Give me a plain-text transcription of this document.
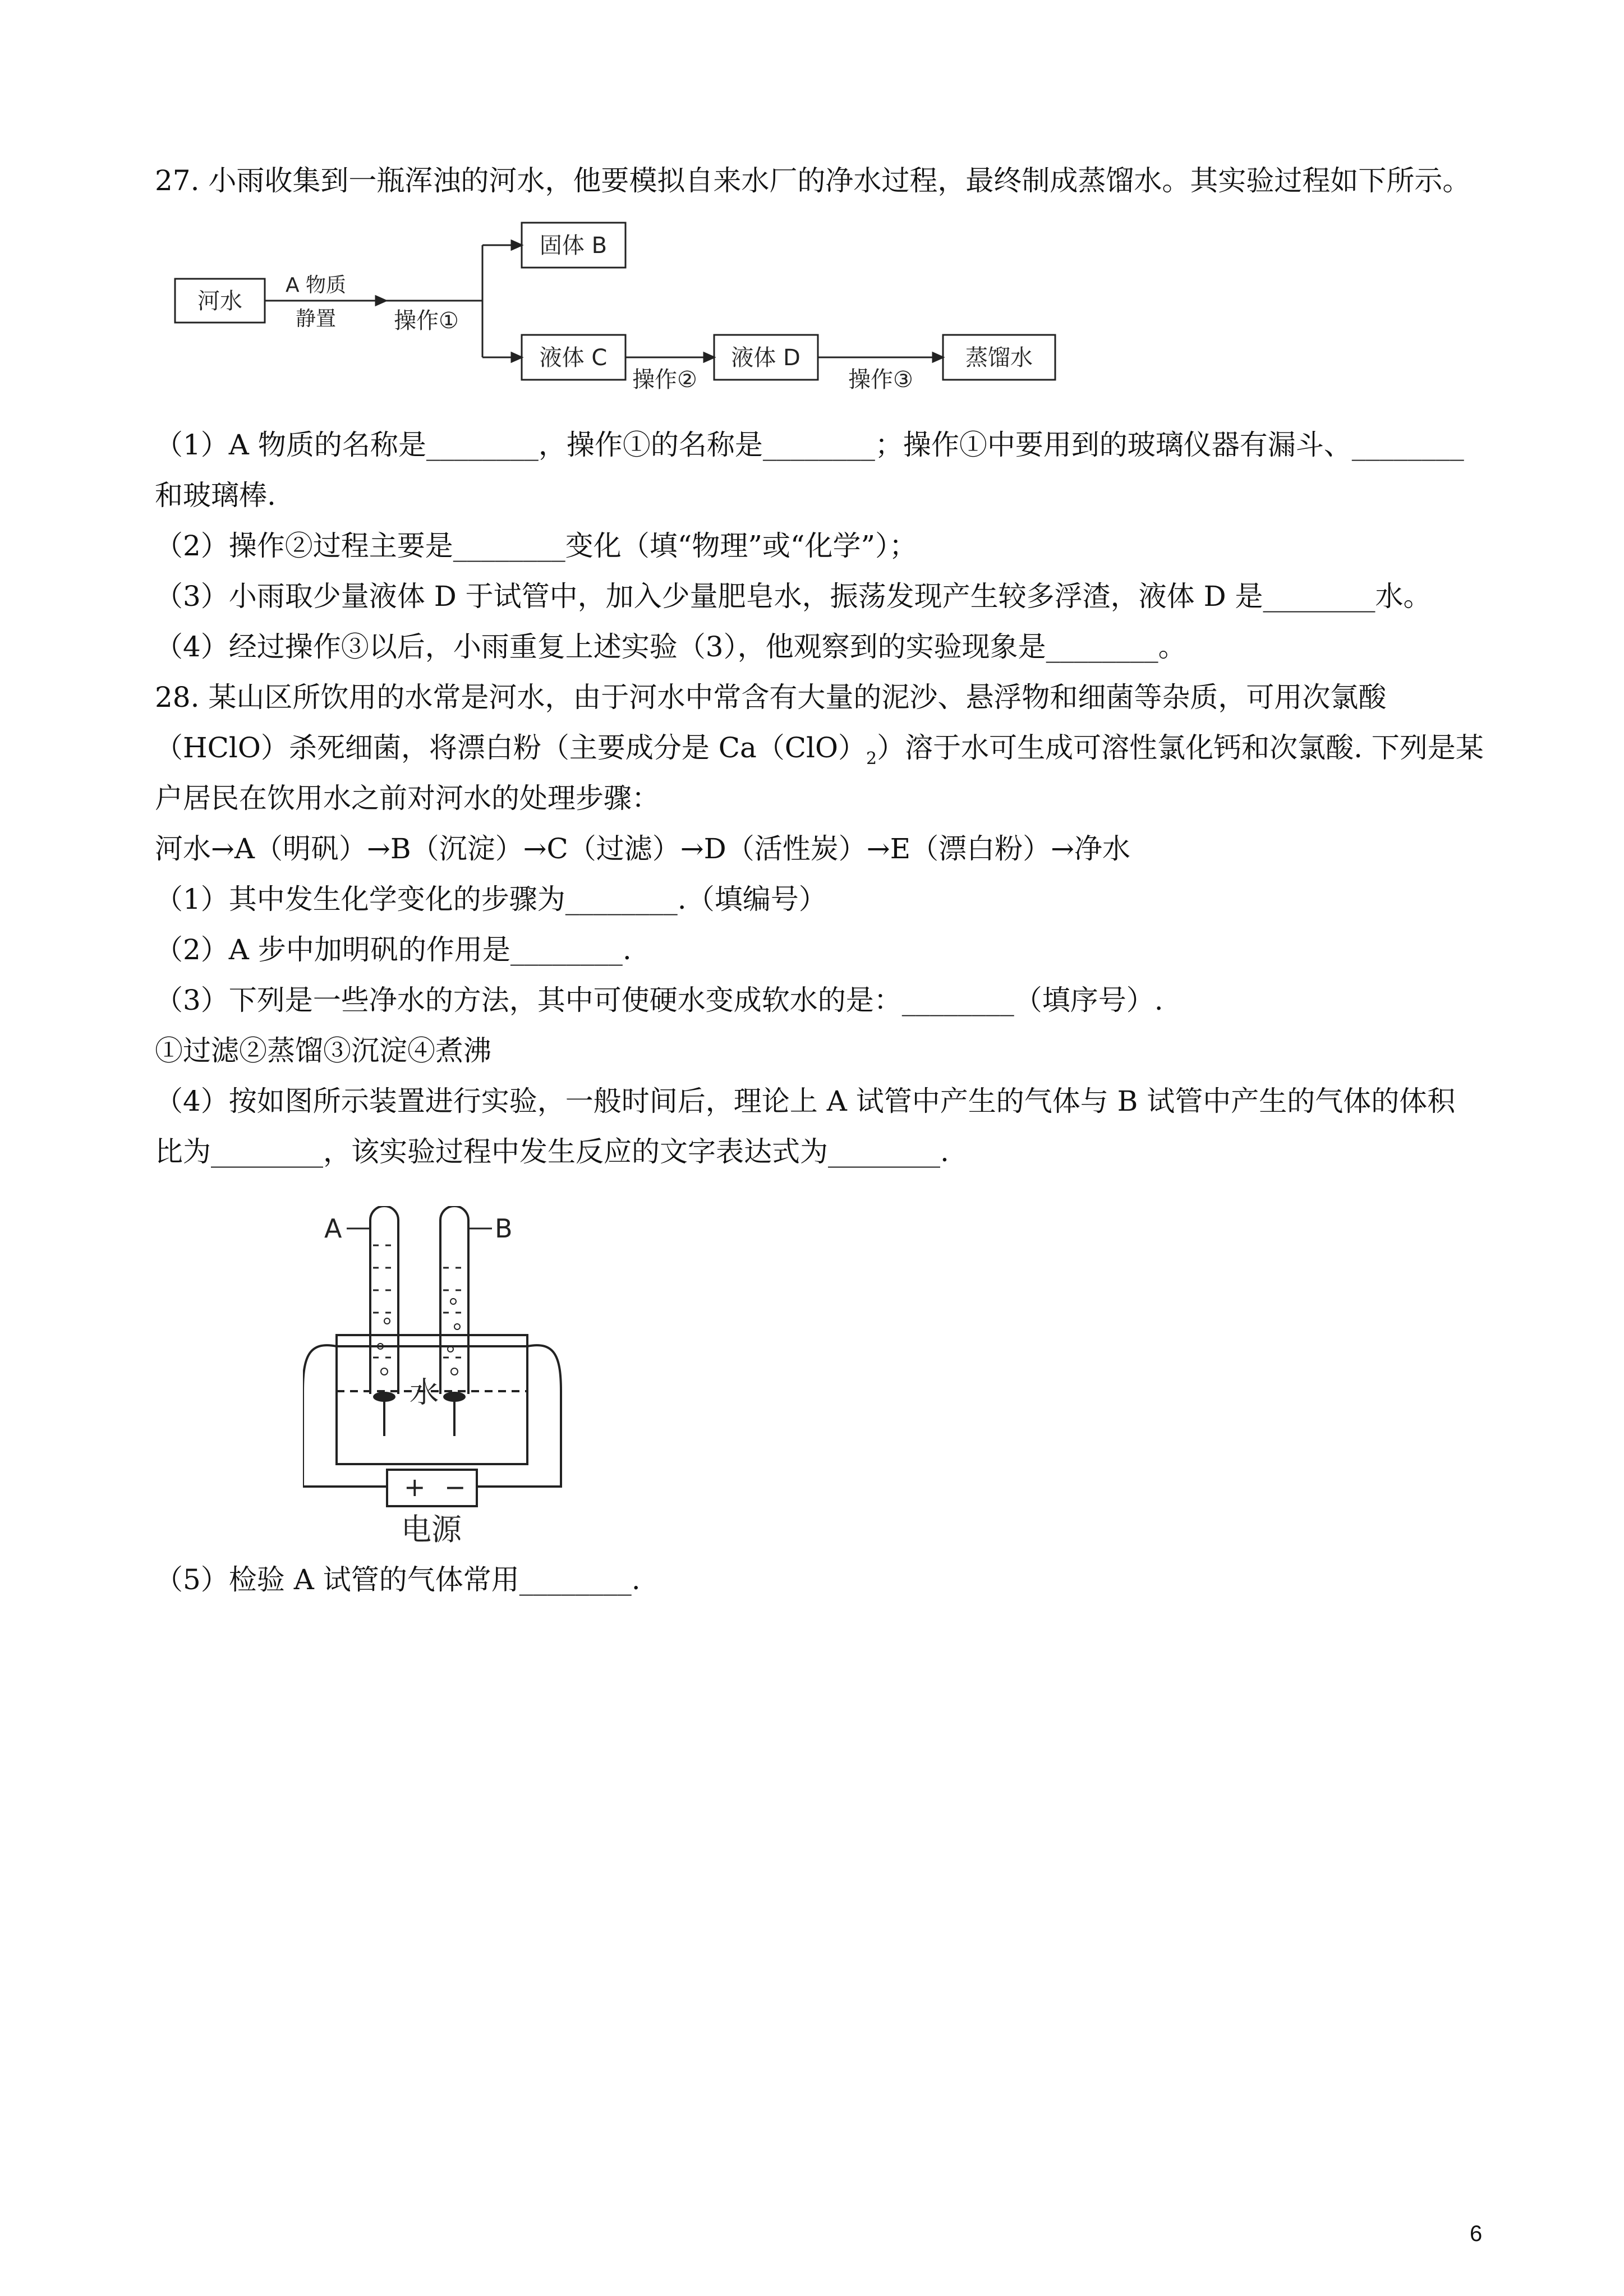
27. 小雨收集到一瓶浑浊的河水，他要模拟自来水厂的净水过程，最终制成蒸馏水。其实验过程如下所示。
河水
A 物质
静置	操作①
固体 B
液体 C
操作②
液体 D
操作③
蒸馏水
（1）A 物质的名称是________，操作①的名称是________；操作①中要用到的玻璃仪器有漏斗、________
和玻璃棒.
（2）操作②过程主要是________变化（填“物理”或“化学”）；
（3）小雨取少量液体 D 于试管中，加入少量肥皂水，振荡发现产生较多浮渣，液体 D 是________水。
（4）经过操作③以后，小雨重复上述实验（3），他观察到的实验现象是________。
28. 某山区所饮用的水常是河水，由于河水中常含有大量的泥沙、悬浮物和细菌等杂质，可用次氯酸
（HClO）杀死细菌，将漂白粉（主要成分是 $Ca(ClO)_2$）溶于水可生成可溶性氯化钙和次氯酸. 下列是某
户居民在饮用水之前对河水的处理步骤：
河水→A（明矾）→B（沉淀）→C（过滤）→D（活性炭）→E（漂白粉）→净水
（1）其中发生化学变化的步骤为________.（填编号）
（2）A 步中加明矾的作用是________.
（3）下列是一些净水的方法，其中可使硬水变成软水的是：________（填序号）.
①过滤②蒸馏③沉淀④煮沸
（4）按如图所示装置进行实验，一般时间后，理论上 A 试管中产生的气体与 B 试管中产生的气体的体积
比为________，该实验过程中发生反应的文字表达式为________.
A	B
水
+ −
电源
（5）检验 A 试管的气体常用________.
6
